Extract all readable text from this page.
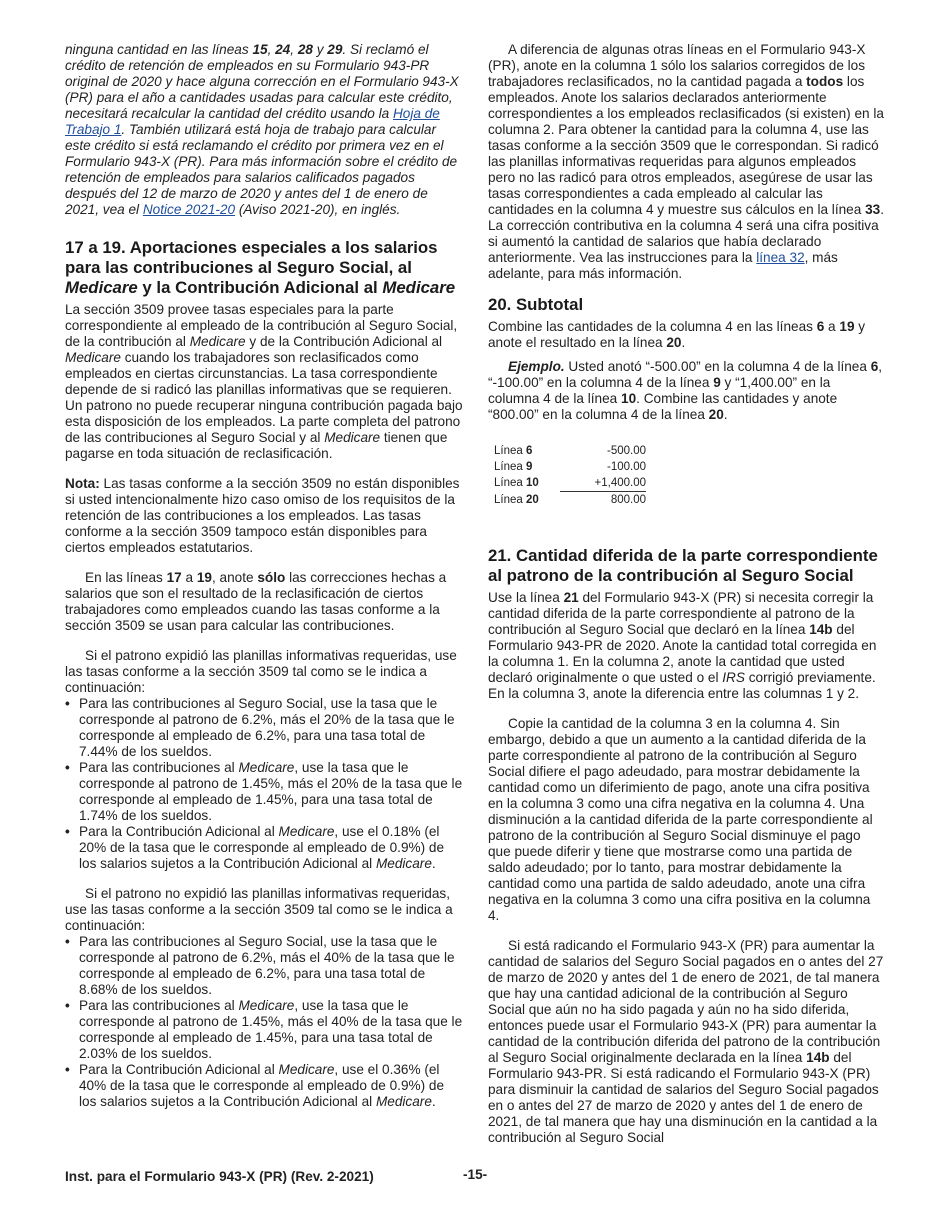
ninguna cantidad en las líneas 15, 24, 28 y 29. Si reclamó el crédito de retención de empleados en su Formulario 943-PR original de 2020 y hace alguna corrección en el Formulario 943-X (PR) para el año a cantidades usadas para calcular este crédito, necesitará recalcular la cantidad del crédito usando la Hoja de Trabajo 1. También utilizará está hoja de trabajo para calcular este crédito si está reclamando el crédito por primera vez en el Formulario 943-X (PR). Para más información sobre el crédito de retención de empleados para salarios calificados pagados después del 12 de marzo de 2020 y antes del 1 de enero de 2021, vea el Notice 2021-20 (Aviso 2021-20), en inglés.

17 a 19. Aportaciones especiales a los salarios para las contribuciones al Seguro Social, al Medicare y la Contribución Adicional al Medicare

La sección 3509 provee tasas especiales para la parte correspondiente al empleado de la contribución al Seguro Social, de la contribución al Medicare y de la Contribución Adicional al Medicare cuando los trabajadores son reclasificados como empleados en ciertas circunstancias. La tasa correspondiente depende de si radicó las planillas informativas que se requieren. Un patrono no puede recuperar ninguna contribución pagada bajo esta disposición de los empleados. La parte completa del patrono de las contribuciones al Seguro Social y al Medicare tienen que pagarse en toda situación de reclasificación.

Nota: Las tasas conforme a la sección 3509 no están disponibles si usted intencionalmente hizo caso omiso de los requisitos de la retención de las contribuciones a los empleados. Las tasas conforme a la sección 3509 tampoco están disponibles para ciertos empleados estatutarios.

En las líneas 17 a 19, anote sólo las correcciones hechas a salarios que son el resultado de la reclasificación de ciertos trabajadores como empleados cuando las tasas conforme a la sección 3509 se usan para calcular las contribuciones.

Si el patrono expidió las planillas informativas requeridas, use las tasas conforme a la sección 3509 tal como se le indica a continuación:

• Para las contribuciones al Seguro Social, use la tasa que le corresponde al patrono de 6.2%, más el 20% de la tasa que le corresponde al empleado de 6.2%, para una tasa total de 7.44% de los sueldos.
• Para las contribuciones al Medicare, use la tasa que le corresponde al patrono de 1.45%, más el 20% de la tasa que le corresponde al empleado de 1.45%, para una tasa total de 1.74% de los sueldos.
• Para la Contribución Adicional al Medicare, use el 0.18% (el 20% de la tasa que le corresponde al empleado de 0.9%) de los salarios sujetos a la Contribución Adicional al Medicare.

Si el patrono no expidió las planillas informativas requeridas, use las tasas conforme a la sección 3509 tal como se le indica a continuación:

• Para las contribuciones al Seguro Social, use la tasa que le corresponde al patrono de 6.2%, más el 40% de la tasa que le corresponde al empleado de 6.2%, para una tasa total de 8.68% de los sueldos.
• Para las contribuciones al Medicare, use la tasa que le corresponde al patrono de 1.45%, más el 40% de la tasa que le corresponde al empleado de 1.45%, para una tasa total de 2.03% de los sueldos.
• Para la Contribución Adicional al Medicare, use el 0.36% (el 40% de la tasa que le corresponde al empleado de 0.9%) de los salarios sujetos a la Contribución Adicional al Medicare.

A diferencia de algunas otras líneas en el Formulario 943-X (PR), anote en la columna 1 sólo los salarios corregidos de los trabajadores reclasificados, no la cantidad pagada a todos los empleados. Anote los salarios declarados anteriormente correspondientes a los empleados reclasificados (si existen) en la columna 2. Para obtener la cantidad para la columna 4, use las tasas conforme a la sección 3509 que le correspondan. Si radicó las planillas informativas requeridas para algunos empleados pero no las radicó para otros empleados, asegúrese de usar las tasas correspondientes a cada empleado al calcular las cantidades en la columna 4 y muestre sus cálculos en la línea 33. La corrección contributiva en la columna 4 será una cifra positiva si aumentó la cantidad de salarios que había declarado anteriormente. Vea las instrucciones para la línea 32, más adelante, para más información.

20. Subtotal

Combine las cantidades de la columna 4 en las líneas 6 a 19 y anote el resultado en la línea 20.

Ejemplo. Usted anotó “-500.00” en la columna 4 de la línea 6, “-100.00” en la columna 4 de la línea 9 y “1,400.00” en la columna 4 de la línea 10. Combine las cantidades y anote “800.00” en la columna 4 de la línea 20.

Línea 6	-500.00
Línea 9	-100.00
Línea 10	+1,400.00
Línea 20	800.00
21. Cantidad diferida de la parte correspondiente al patrono de la contribución al Seguro Social

Use la línea 21 del Formulario 943-X (PR) si necesita corregir la cantidad diferida de la parte correspondiente al patrono de la contribución al Seguro Social que declaró en la línea 14b del Formulario 943-PR de 2020. Anote la cantidad total corregida en la columna 1. En la columna 2, anote la cantidad que usted declaró originalmente o que usted o el IRS corrigió previamente. En la columna 3, anote la diferencia entre las columnas 1 y 2.

Copie la cantidad de la columna 3 en la columna 4. Sin embargo, debido a que un aumento a la cantidad diferida de la parte correspondiente al patrono de la contribución al Seguro Social difiere el pago adeudado, para mostrar debidamente la cantidad como un diferimiento de pago, anote una cifra positiva en la columna 3 como una cifra negativa en la columna 4. Una disminución a la cantidad diferida de la parte correspondiente al patrono de la contribución al Seguro Social disminuye el pago que puede diferir y tiene que mostrarse como una partida de saldo adeudado; por lo tanto, para mostrar debidamente la cantidad como una partida de saldo adeudado, anote una cifra negativa en la columna 3 como una cifra positiva en la columna 4.

Si está radicando el Formulario 943-X (PR) para aumentar la cantidad de salarios del Seguro Social pagados en o antes del 27 de marzo de 2020 y antes del 1 de enero de 2021, de tal manera que hay una cantidad adicional de la contribución al Seguro Social que aún no ha sido pagada y aún no ha sido diferida, entonces puede usar el Formulario 943-X (PR) para aumentar la cantidad de la contribución diferida del patrono de la contribución al Seguro Social originalmente declarada en la línea 14b del Formulario 943-PR. Si está radicando el Formulario 943-X (PR) para disminuir la cantidad de salarios del Seguro Social pagados en o antes del 27 de marzo de 2020 y antes del 1 de enero de 2021, de tal manera que hay una disminución en la cantidad a la contribución al Seguro Social

Inst. para el Formulario 943-X (PR) (Rev. 2-2021)	-15-
